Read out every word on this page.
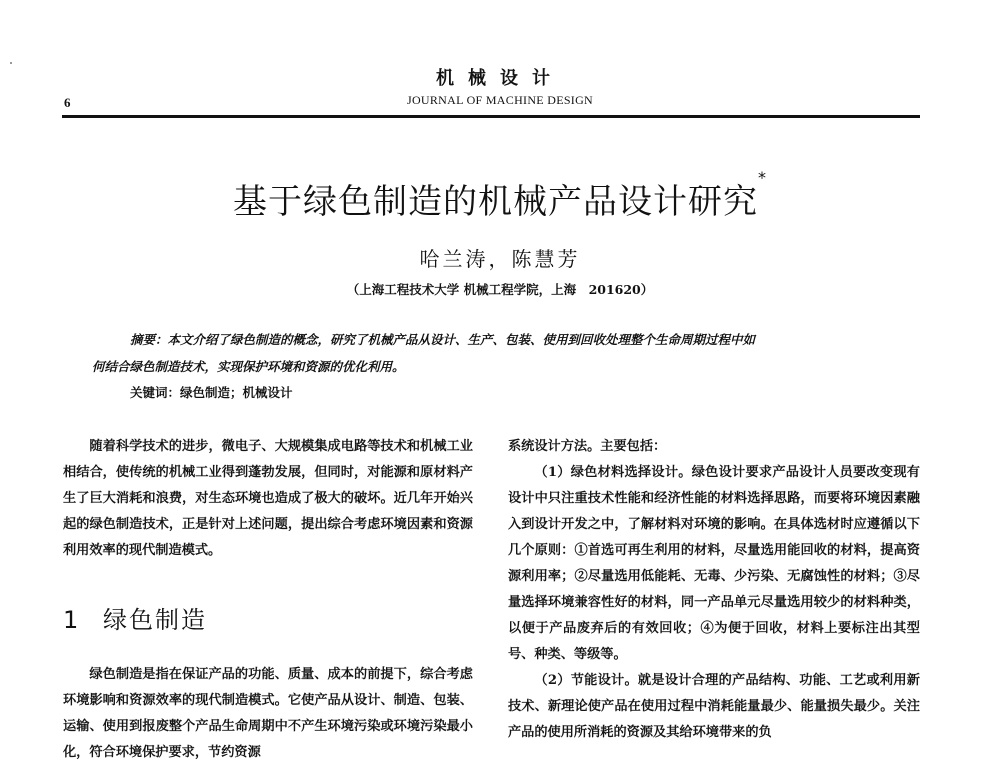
机械设计
6	JOURNAL OF MACHINE DESIGN
基于绿色制造的机械产品设计研究*
哈兰涛，陈慧芳
（上海工程技术大学 机械工程学院，上海　201620）
摘要：本文介绍了绿色制造的概念，研究了机械产品从设计、生产、包装、使用到回收处理整个生命周期过程中如
何结合绿色制造技术，实现保护环境和资源的优化利用。
关键词：绿色制造；机械设计

随着科学技术的进步，微电子、大规模集成电路等技术和机械工业相结合，使传统的机械工业得到蓬勃发展，但同时，对能源和原材料产生了巨大消耗和浪费，对生态环境也造成了极大的破坏。近几年开始兴起的绿色制造技术，正是针对上述问题，提出综合考虑环境因素和资源利用效率的现代制造模式。

1 绿色制造

绿色制造是指在保证产品的功能、质量、成本的前提下，综合考虑环境影响和资源效率的现代制造模式。它使产品从设计、制造、包装、运输、使用到报废整个产品生命周期中不产生环境污染或环境污染最小化，符合环境保护要求，节约资源

系统设计方法。主要包括：

（1）绿色材料选择设计。绿色设计要求产品设计人员要改变现有设计中只注重技术性能和经济性能的材料选择思路，而要将环境因素融入到设计开发之中，了解材料对环境的影响。在具体选材时应遵循以下几个原则：①首选可再生利用的材料，尽量选用能回收的材料，提高资源利用率；②尽量选用低能耗、无毒、少污染、无腐蚀性的材料；③尽量选择环境兼容性好的材料，同一产品单元尽量选用较少的材料种类，以便于产品废弃后的有效回收；④为便于回收，材料上要标注出其型号、种类、等级等。

（2）节能设计。就是设计合理的产品结构、功能、工艺或利用新技术、新理论使产品在使用过程中消耗能量最少、能量损失最少。关注产品的使用所消耗的资源及其给环境带来的负
